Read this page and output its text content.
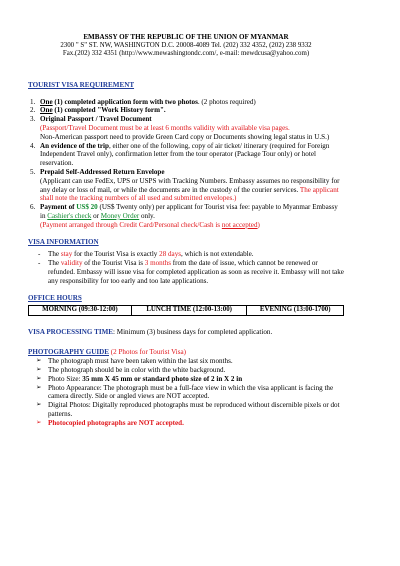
EMBASSY OF THE REPUBLIC OF THE UNION OF MYANMAR
2300 " S" ST. NW, WASHINGTON D.C. 20008-4089 Tel. (202) 332 4352, (202) 238 9332
Fax.(202) 332 4351 (http://www.mewashingtondc.com/, e-mail: mewdcusa@yahoo.com)
TOURIST VISA REQUIREMENT
1. One (1) completed application form with two photos. (2 photos required)
2. One (1) completed "Work History form".
3. Original Passport / Travel Document
(Passport/Travel Document must be at least 6 months validity with available visa pages.
Non-American passport need to provide Green Card copy or Documents showing legal status in U.S.)
4. An evidence of the trip, either one of the following, copy of air ticket/ itinerary (required for Foreign Independent Travel only), confirmation letter from the tour operator (Package Tour only) or hotel reservation.
5. Prepaid Self-Addressed Return Envelope
(Applicant can use FedEx, UPS or USPS with Tracking Numbers. Embassy assumes no responsibility for any delay or loss of mail, or while the documents are in the custody of the courier services. The applicant shall note the tracking numbers of all used and submitted envelopes.)
6. Payment of US$ 20 (US$ Twenty only) per applicant for Tourist visa fee: payable to Myanmar Embassy in Cashier's check or Money Order only.
(Payment arranged through Credit Card/Personal check/Cash is not accepted)
VISA INFORMATION
- The stay for the Tourist Visa is exactly 28 days, which is not extendable.
- The validity of the Tourist Visa is 3 months from the date of issue, which cannot be renewed or refunded. Embassy will issue visa for completed application as soon as receive it. Embassy will not take any responsibility for too early and too late applications.
OFFICE HOURS
MORNING (09:30-12:00)	LUNCH TIME (12:00-13:00)	EVENING (13:00-1700)
VISA PROCESSING TIME: Minimum (3) business days for completed application.
PHOTOGRAPHY GUIDE (2 Photos for Tourist Visa)
➢ The photograph must have been taken within the last six months.
➢ The photograph should be in color with the white background.
➢ Photo Size: 35 mm X 45 mm or standard photo size of 2 in X 2 in
➢ Photo Appearance: The photograph must be a full-face view in which the visa applicant is facing the camera directly. Side or angled views are NOT accepted.
➢ Digital Photos: Digitally reproduced photographs must be reproduced without discernible pixels or dot patterns.
➢ Photocopied photographs are NOT accepted.
